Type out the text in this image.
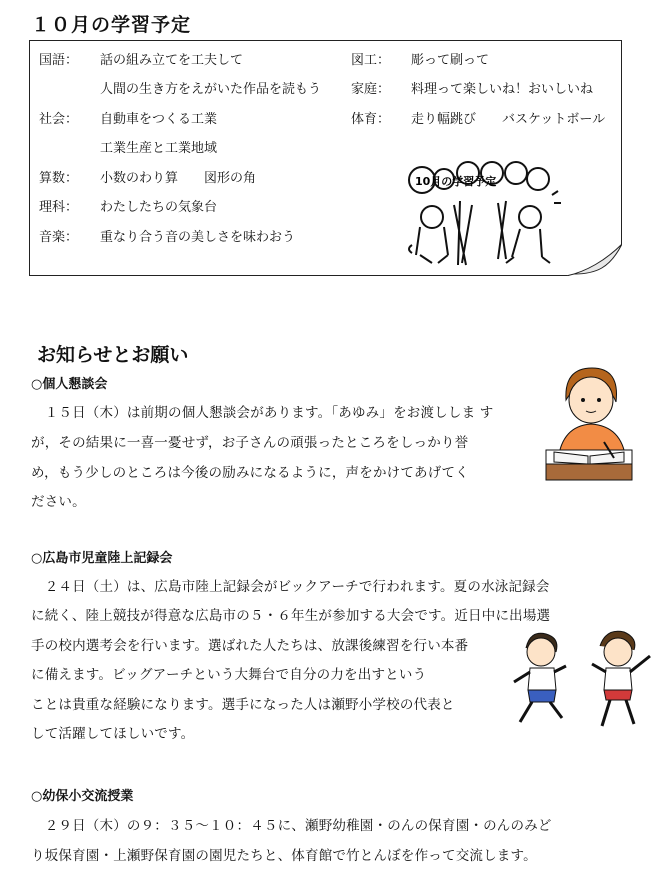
１０月の学習予定
国語： 話の組み立てを工夫して
人間の生き方をえがいた作品を読もう
社会： 自動車をつくる工業
工業生産と工業地域
算数： 小数のわり算　　図形の角
理科： わたしたちの気象台
音楽： 重なり合う音の美しさを味わおう
図工： 彫って刷って
家庭： 料理って楽しいね！おいしいね
体育： 走り幅跳び　　バスケットボール
10月の学習予定
お知らせとお願い
○個人懇談会
　１５日（木）は前期の個人懇談会があります。「あゆみ」をお渡ししま す
が，その結果に一喜一憂せず，お子さんの頑張ったところをしっかり誉
め，もう少しのところは今後の励みになるように，声をかけてあげてく
ださい。
○広島市児童陸上記録会
　２４日（土）は、広島市陸上記録会がビックアーチで行われます。夏の水泳記録会
に続く、陸上競技が得意な広島市の５・６年生が参加する大会です。近日中に出場選
手の校内選考会を行います。選ばれた人たちは、放課後練習を行い本番
に備えます。ビッグアーチという大舞台で自分の力を出すという
ことは貴重な経験になります。選手になった人は瀬野小学校の代表と
して活躍してほしいです。
○幼保小交流授業
　２９日（木）の９：３５～１０：４５に、瀬野幼稚園・のんの保育園・のんのみど
り坂保育園・上瀬野保育園の園児たちと、体育館で竹とんぼを作って交流します。
